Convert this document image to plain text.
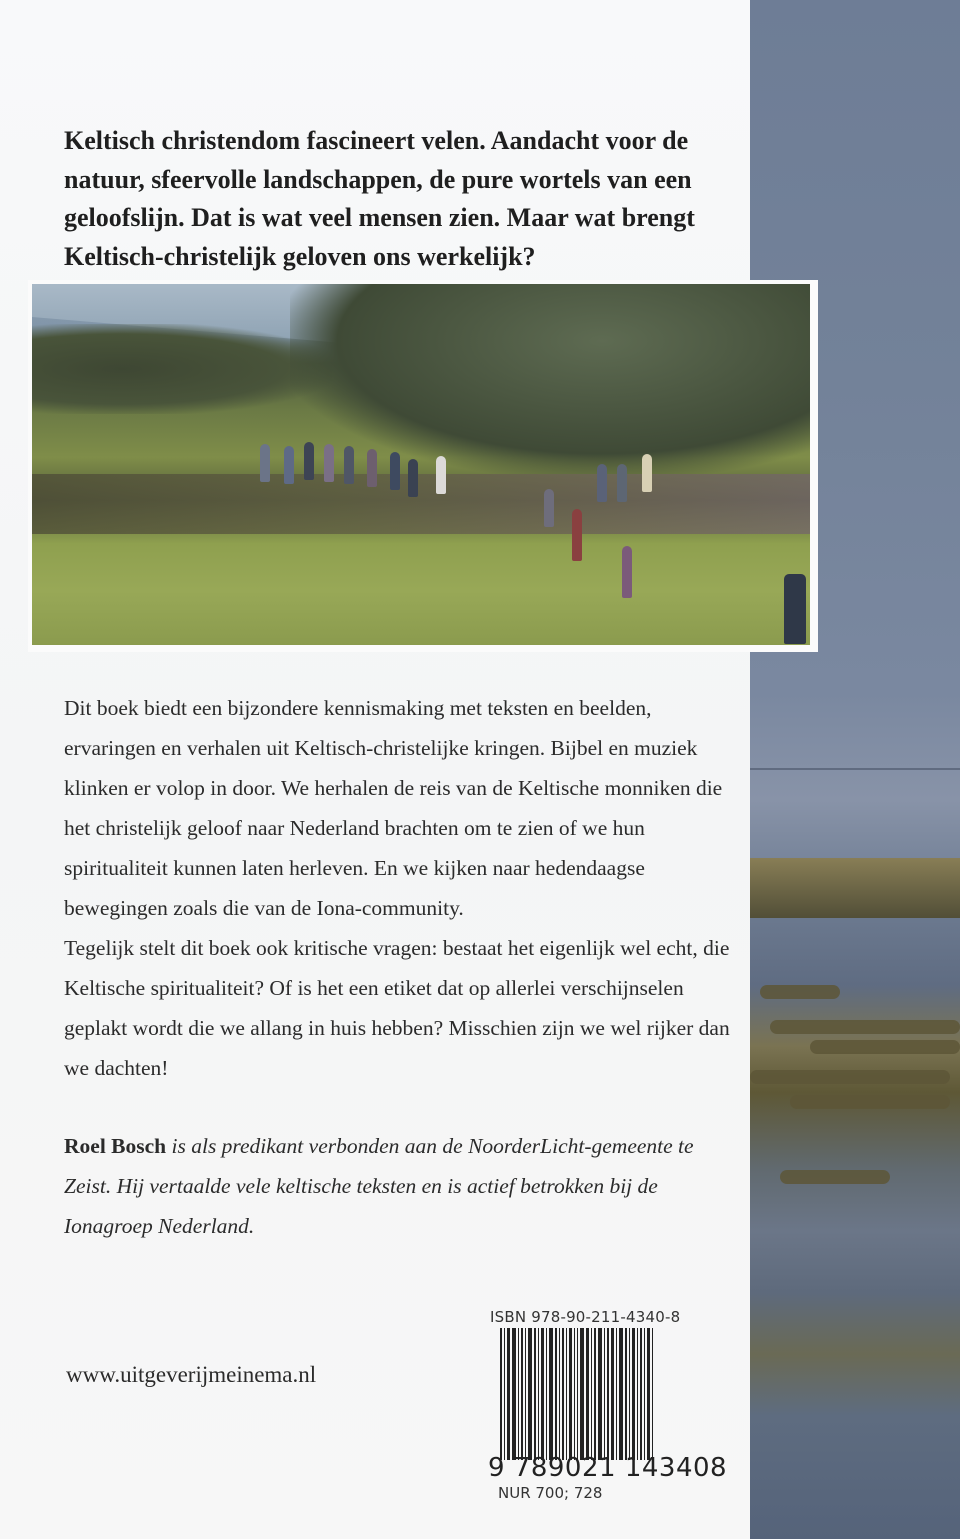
Keltisch christendom fascineert velen. Aandacht voor de natuur, sfeervolle landschappen, de pure wortels van een geloofslijn. Dat is wat veel mensen zien. Maar wat brengt Keltisch-christelijk geloven ons werkelijk?

Dit boek biedt een bijzondere kennismaking met teksten en beelden, ervaringen en verhalen uit Keltisch-christelijke kringen. Bijbel en muziek klinken er volop in door. We herhalen de reis van de Keltische monniken die het christelijk geloof naar Nederland brachten om te zien of we hun spiritualiteit kunnen laten herleven. En we kijken naar hedendaagse bewegingen zoals die van de Iona-community.

Tegelijk stelt dit boek ook kritische vragen: bestaat het eigenlijk wel echt, die Keltische spiritualiteit? Of is het een etiket dat op allerlei verschijnselen geplakt wordt die we allang in huis hebben? Misschien zijn we wel rijker dan we dachten!

Roel Bosch is als predikant verbonden aan de NoorderLicht-gemeente te Zeist. Hij vertaalde vele keltische teksten en is actief betrokken bij de Ionagroep Nederland.

www.uitgeverijmeinema.nl
ISBN 978-90-211-4340-8
9 789021 143408
NUR 700; 728
